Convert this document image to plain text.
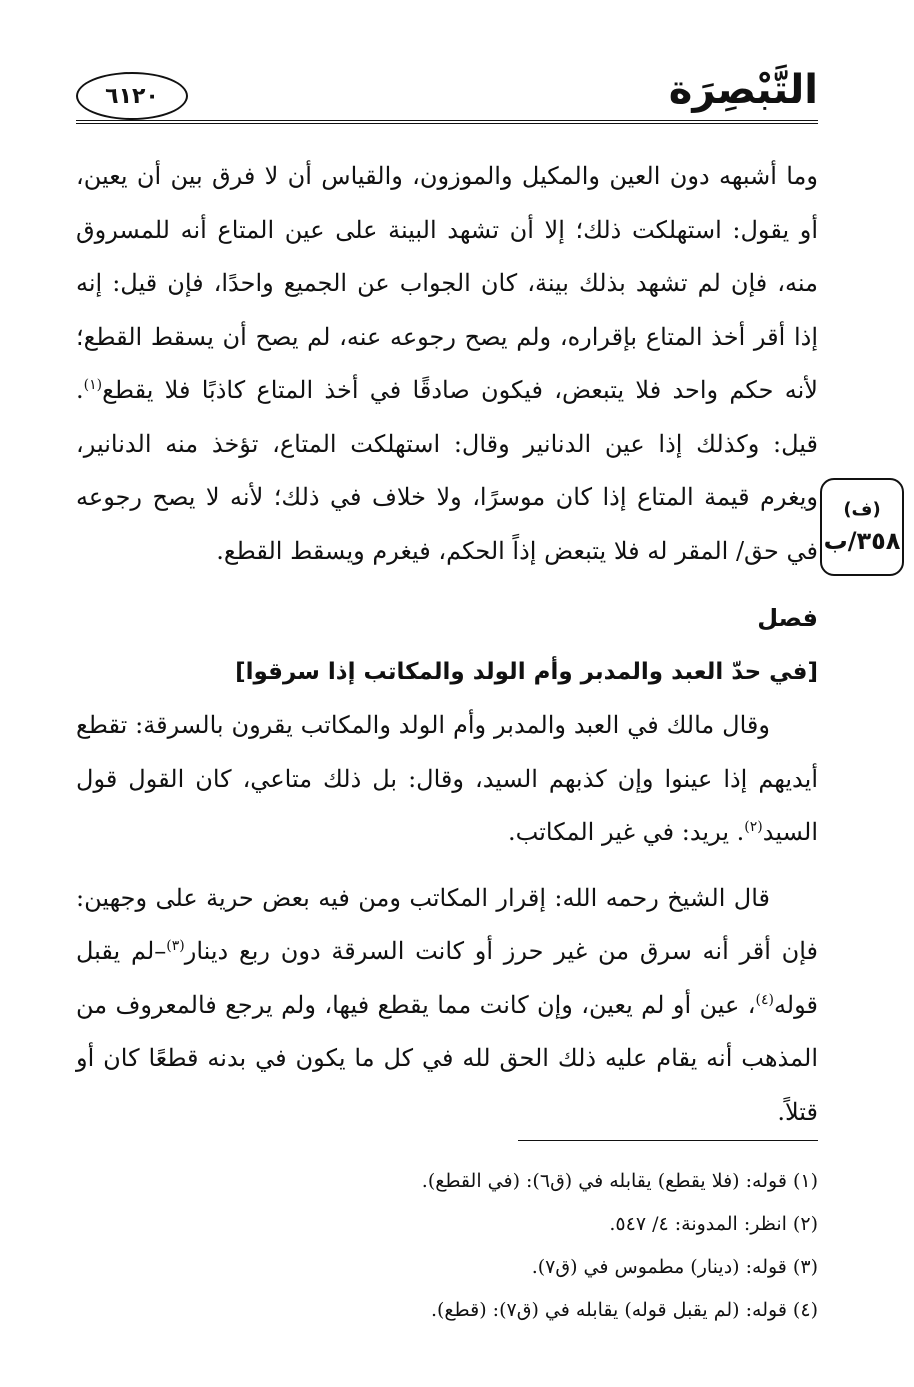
التَّبْصِرَة
٦١٢٠
(ف)
٣٥٨/ب

وما أشبهه دون العين والمكيل والموزون، والقياس أن لا فرق بين أن يعين، أو يقول: استهلكت ذلك؛ إلا أن تشهد البينة على عين المتاع أنه للمسروق منه، فإن لم تشهد بذلك بينة، كان الجواب عن الجميع واحدًا، فإن قيل: إنه إذا أقر أخذ المتاع بإقراره، ولم يصح رجوعه عنه، لم يصح أن يسقط القطع؛ لأنه حكم واحد فلا يتبعض، فيكون صادقًا في أخذ المتاع كاذبًا فلا يقطع$^{(١)}$. قيل: وكذلك إذا عين الدنانير وقال: استهلكت المتاع، تؤخذ منه الدنانير، ويغرم قيمة المتاع إذا كان موسرًا، ولا خلاف في ذلك؛ لأنه لا يصح رجوعه في حق/ المقر له فلا يتبعض إذاً الحكم، فيغرم ويسقط القطع.

فصل

[في حدّ العبد والمدبر وأم الولد والمكاتب إذا سرقوا]

وقال مالك في العبد والمدبر وأم الولد والمكاتب يقرون بالسرقة: تقطع أيديهم إذا عينوا وإن كذبهم السيد، وقال: بل ذلك متاعي، كان القول قول السيد$^{(٢)}$. يريد: في غير المكاتب.

قال الشيخ رحمه الله: إقرار المكاتب ومن فيه بعض حرية على وجهين: فإن أقر أنه سرق من غير حرز أو كانت السرقة دون ربع دينار$^{(٣)}$–لم يقبل قوله$^{(٤)}$، عين أو لم يعين، وإن كانت مما يقطع فيها، ولم يرجع فالمعروف من المذهب أنه يقام عليه ذلك الحق لله في كل ما يكون في بدنه قطعًا كان أو قتلاً.

(١) قوله: (فلا يقطع) يقابله في (ق٦): (في القطع).

(٢) انظر: المدونة: ٤/ ٥٤٧.

(٣) قوله: (دينار) مطموس في (ق٧).

(٤) قوله: (لم يقبل قوله) يقابله في (ق٧): (قطع).
